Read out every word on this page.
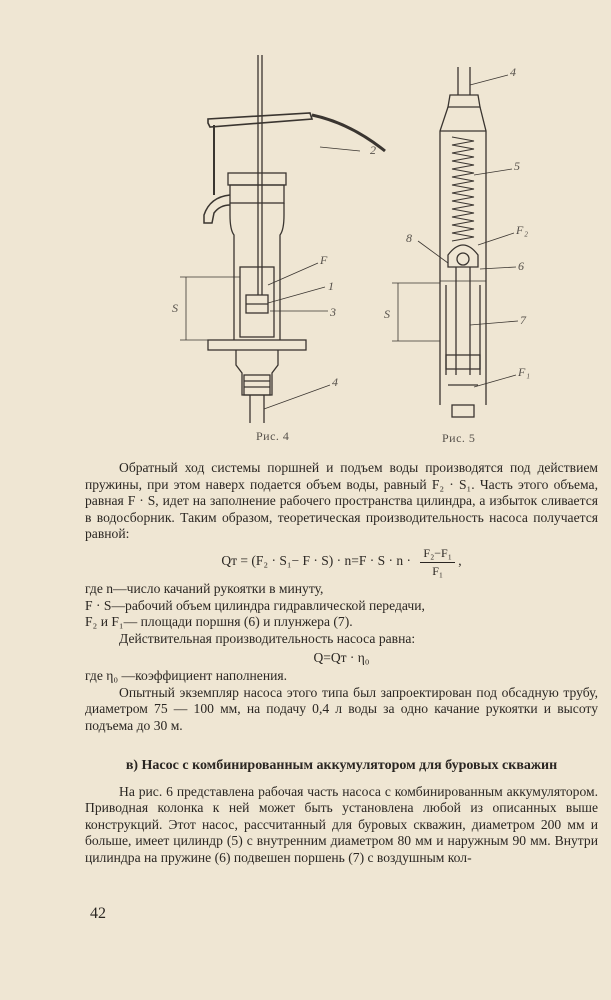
2
F
1
3
4
S
Рис. 4
4
5
F₂
8
6
S	7
F₁
Рис. 5

Обратный ход системы поршней и подъем воды производятся под действием пружины, при этом наверх подается объем воды, равный F₂ · S₁. Часть этого объема, равная F · S, идет на заполнение рабочего пространства цилиндра, а избыток сливается в водосборник. Таким образом, теоретическая производительность насоса получается равной:

Qт = $(F_2 \cdot S_1- F \cdot S) \cdot n=F \cdot S \cdot n \cdot \frac{\text{F₂−F₁}}{\text{F₁}}$ ,

где n—число качаний рукоятки в минуту,

F · S—рабочий объем цилиндра гидравлической передачи,

F₂ и F₁— площади поршня (6) и плунжера (7).

Действительная производительность насоса равна:

Q=Qт · η₀

где η₀ —коэффициент наполнения.

Опытный экземпляр насоса этого типа был запроектирован под обсадную трубу, диаметром 75 — 100 мм, на подачу 0,4 л воды за одно качание рукоятки и высоту подъема до 30 м.

в) Насос с комбинированным аккумулятором для буровых скважин

На рис. 6 представлена рабочая часть насоса с комбинированным аккумулятором. Приводная колонка к ней может быть установлена любой из описанных выше конструкций. Этот насос, рассчитанный для буровых скважин, диаметром 200 мм и больше, имеет цилиндр (5) с внутренним диаметром 80 мм и наружным 90 мм. Внутри цилиндра на пружине (6) подвешен поршень (7) с воздушным кол-

42
